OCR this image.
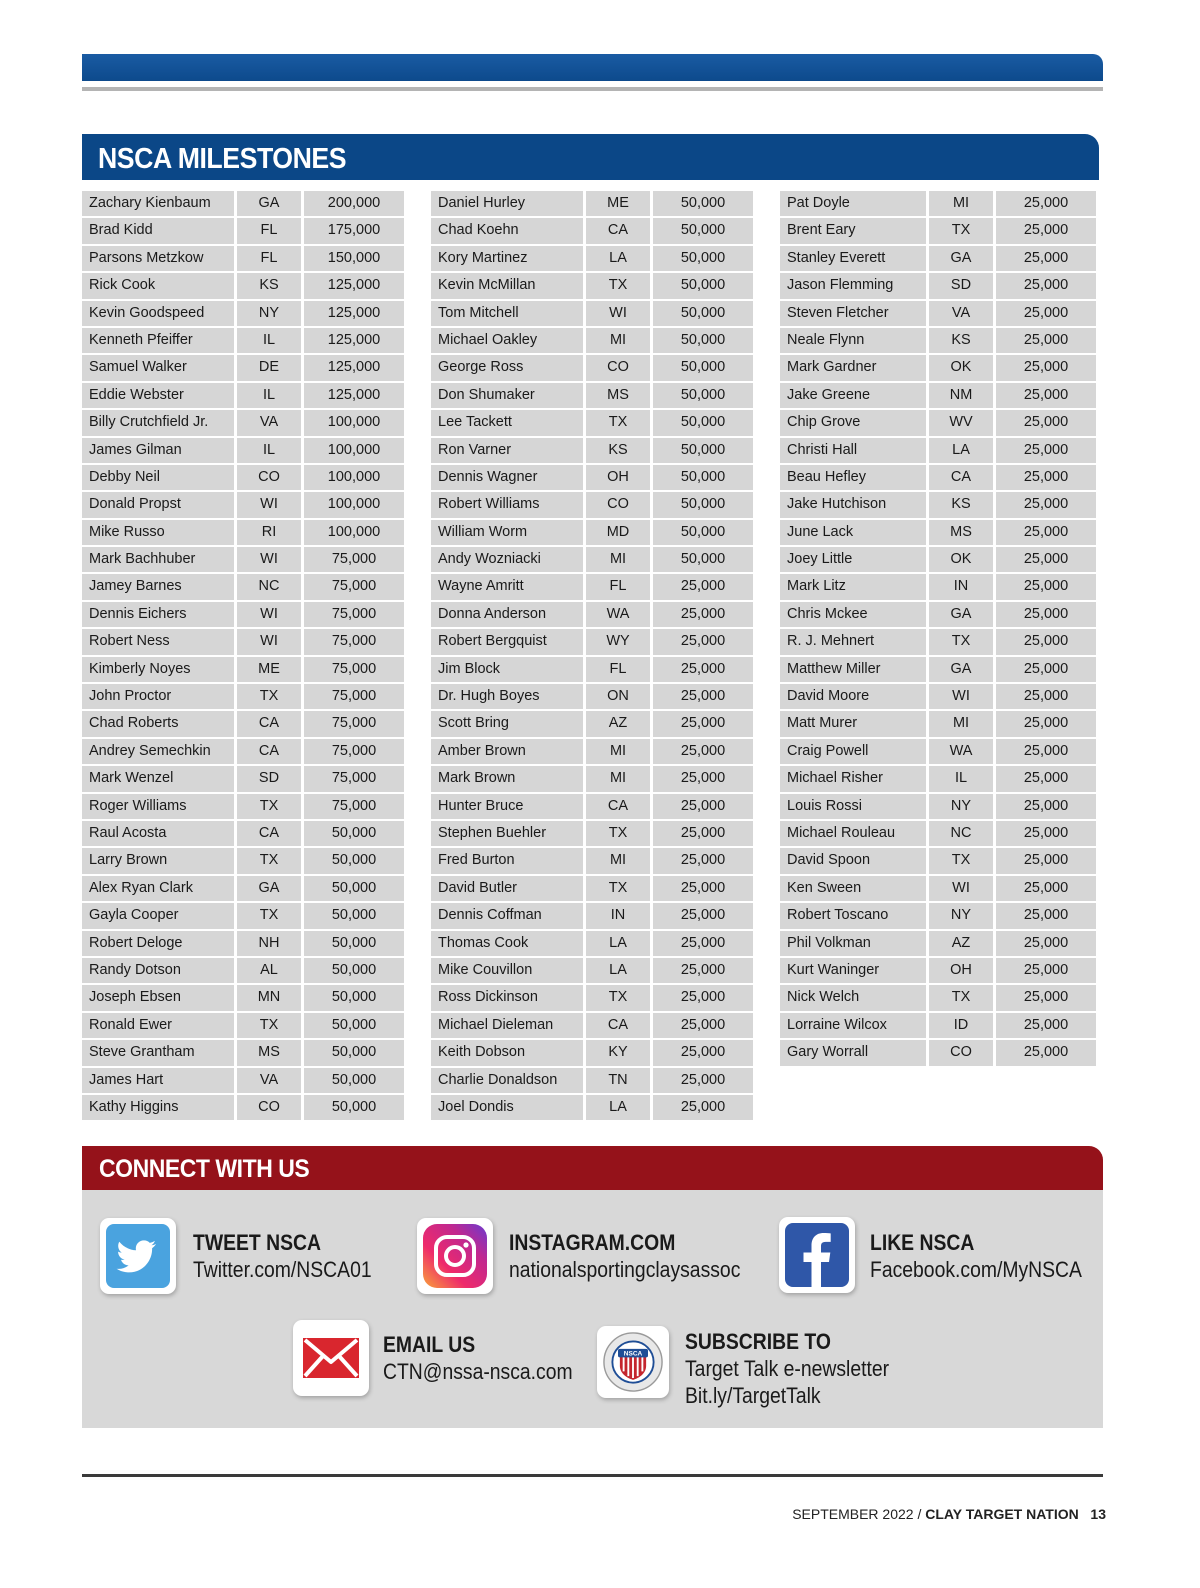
NSCA MILESTONES
Zachary Kienbaum	GA	200,000
Brad Kidd	FL	175,000
Parsons Metzkow	FL	150,000
Rick Cook	KS	125,000
Kevin Goodspeed	NY	125,000
Kenneth Pfeiffer	IL	125,000
Samuel Walker	DE	125,000
Eddie Webster	IL	125,000
Billy Crutchfield Jr.	VA	100,000
James Gilman	IL	100,000
Debby Neil	CO	100,000
Donald Propst	WI	100,000
Mike Russo	RI	100,000
Mark Bachhuber	WI	75,000
Jamey Barnes	NC	75,000
Dennis Eichers	WI	75,000
Robert Ness	WI	75,000
Kimberly Noyes	ME	75,000
John Proctor	TX	75,000
Chad Roberts	CA	75,000
Andrey Semechkin	CA	75,000
Mark Wenzel	SD	75,000
Roger Williams	TX	75,000
Raul Acosta	CA	50,000
Larry Brown	TX	50,000
Alex Ryan Clark	GA	50,000
Gayla Cooper	TX	50,000
Robert Deloge	NH	50,000
Randy Dotson	AL	50,000
Joseph Ebsen	MN	50,000
Ronald Ewer	TX	50,000
Steve Grantham	MS	50,000
James Hart	VA	50,000
Kathy Higgins	CO	50,000
Daniel Hurley	ME	50,000
Chad Koehn	CA	50,000
Kory Martinez	LA	50,000
Kevin McMillan	TX	50,000
Tom Mitchell	WI	50,000
Michael Oakley	MI	50,000
George Ross	CO	50,000
Don Shumaker	MS	50,000
Lee Tackett	TX	50,000
Ron Varner	KS	50,000
Dennis Wagner	OH	50,000
Robert Williams	CO	50,000
William Worm	MD	50,000
Andy Wozniacki	MI	50,000
Wayne Amritt	FL	25,000
Donna Anderson	WA	25,000
Robert Bergquist	WY	25,000
Jim Block	FL	25,000
Dr. Hugh Boyes	ON	25,000
Scott Bring	AZ	25,000
Amber Brown	MI	25,000
Mark Brown	MI	25,000
Hunter Bruce	CA	25,000
Stephen Buehler	TX	25,000
Fred Burton	MI	25,000
David Butler	TX	25,000
Dennis Coffman	IN	25,000
Thomas Cook	LA	25,000
Mike Couvillon	LA	25,000
Ross Dickinson	TX	25,000
Michael Dieleman	CA	25,000
Keith Dobson	KY	25,000
Charlie Donaldson	TN	25,000
Joel Dondis	LA	25,000
Pat Doyle	MI	25,000
Brent Eary	TX	25,000
Stanley Everett	GA	25,000
Jason Flemming	SD	25,000
Steven Fletcher	VA	25,000
Neale Flynn	KS	25,000
Mark Gardner	OK	25,000
Jake Greene	NM	25,000
Chip Grove	WV	25,000
Christi Hall	LA	25,000
Beau Hefley	CA	25,000
Jake Hutchison	KS	25,000
June Lack	MS	25,000
Joey Little	OK	25,000
Mark Litz	IN	25,000
Chris Mckee	GA	25,000
R. J. Mehnert	TX	25,000
Matthew Miller	GA	25,000
David Moore	WI	25,000
Matt Murer	MI	25,000
Craig Powell	WA	25,000
Michael Risher	IL	25,000
Louis Rossi	NY	25,000
Michael Rouleau	NC	25,000
David Spoon	TX	25,000
Ken Sween	WI	25,000
Robert Toscano	NY	25,000
Phil Volkman	AZ	25,000
Kurt Waninger	OH	25,000
Nick Welch	TX	25,000
Lorraine Wilcox	ID	25,000
Gary Worrall	CO	25,000
CONNECT WITH US
TWEET NSCA
Twitter.com/NSCA01
INSTAGRAM.COM
nationalsportingclaysassoc
LIKE NSCA
Facebook.com/MyNSCA
EMAIL US
CTN@nssa-nsca.com
NSCA SUBSCRIBE TO
Target Talk e-newsletter
Bit.ly/TargetTalk
SEPTEMBER 2022 / CLAY TARGET NATION 13
